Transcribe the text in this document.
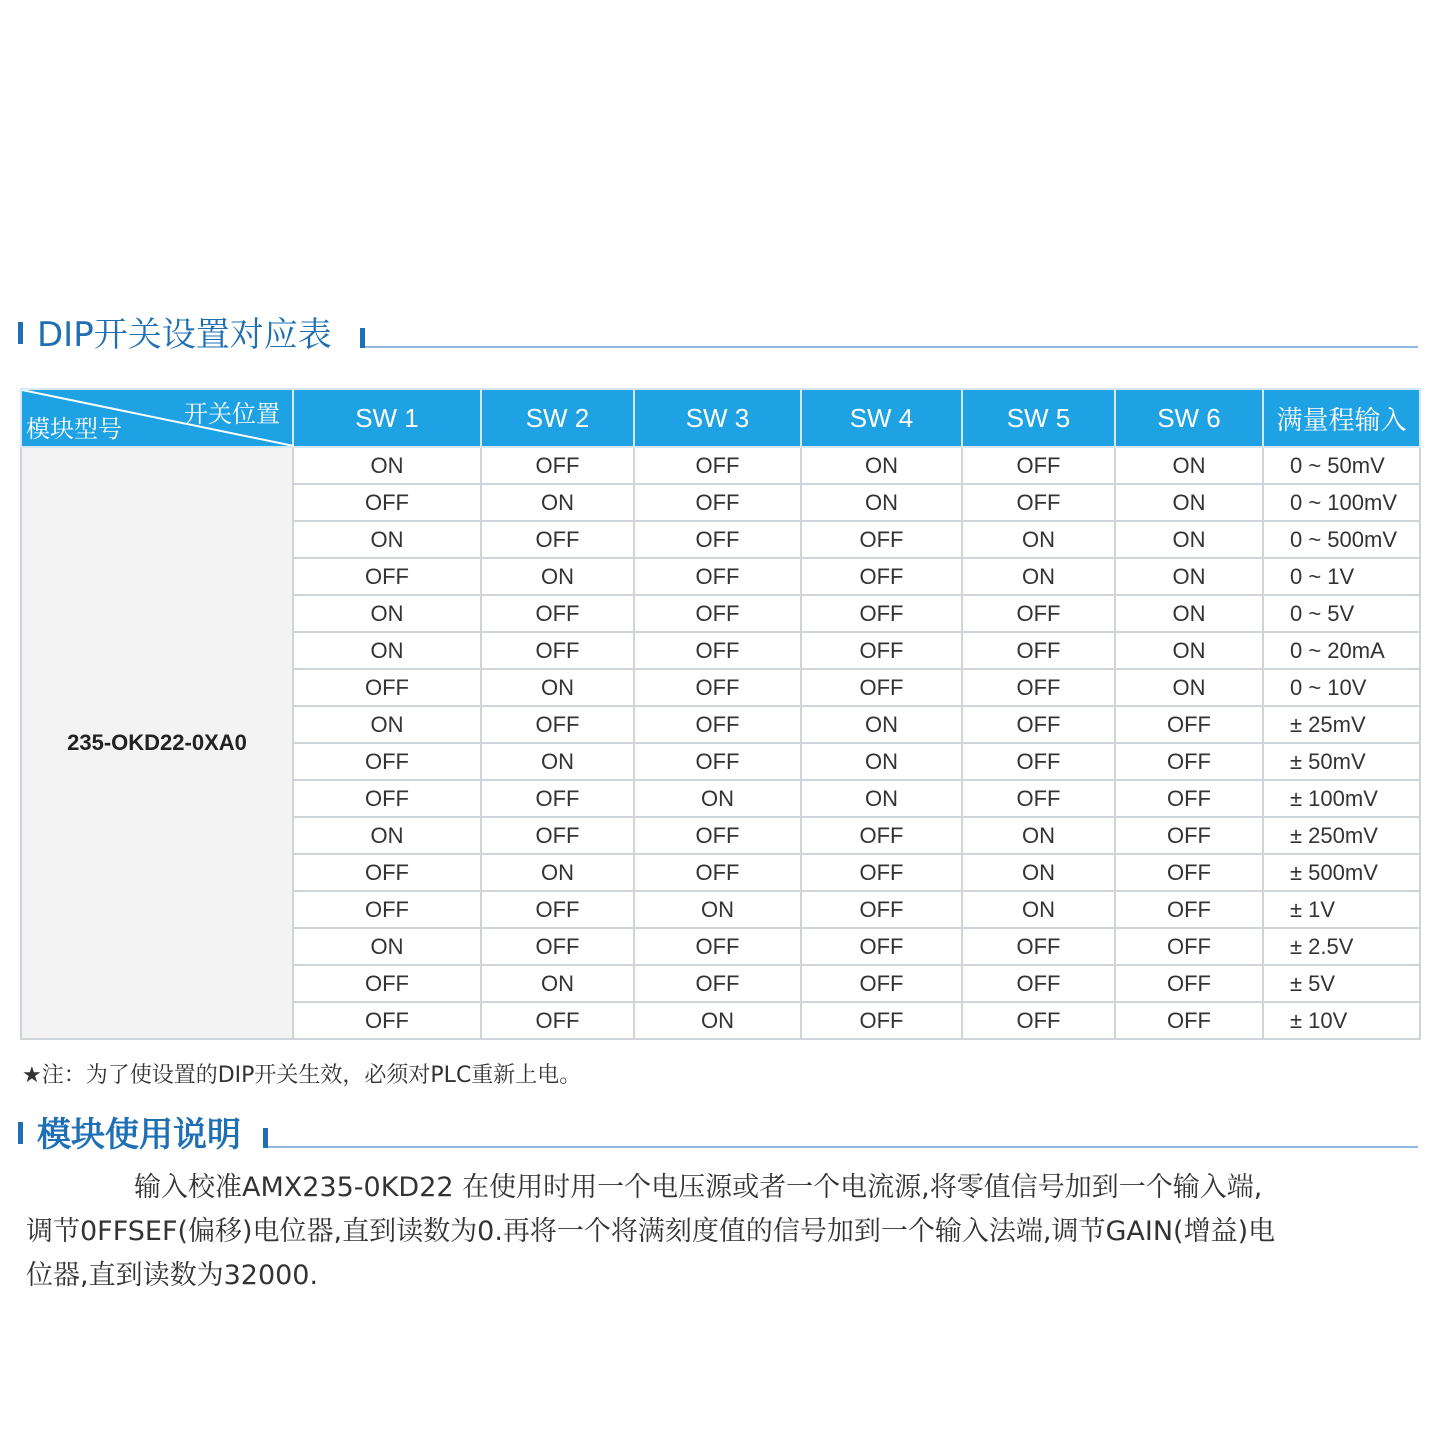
DIP开关设置对应表
开关位置
模块型号	SW 1	SW 2	SW 3	SW 4	SW 5	SW 6	满量程输入
235-OKD22-0XA0	ON	OFF	OFF	ON	OFF	ON	0 ~ 50mV
	OFF	ON	OFF	ON	OFF	ON	0 ~ 100mV
	ON	OFF	OFF	OFF	ON	ON	0 ~ 500mV
	OFF	ON	OFF	OFF	ON	ON	0 ~ 1V
	ON	OFF	OFF	OFF	OFF	ON	0 ~ 5V
	ON	OFF	OFF	OFF	OFF	ON	0 ~ 20mA
	OFF	ON	OFF	OFF	OFF	ON	0 ~ 10V
	ON	OFF	OFF	ON	OFF	OFF	± 25mV
	OFF	ON	OFF	ON	OFF	OFF	± 50mV
	OFF	OFF	ON	ON	OFF	OFF	± 100mV
	ON	OFF	OFF	OFF	ON	OFF	± 250mV
	OFF	ON	OFF	OFF	ON	OFF	± 500mV
	OFF	OFF	ON	OFF	ON	OFF	± 1V
	ON	OFF	OFF	OFF	OFF	OFF	± 2.5V
	OFF	ON	OFF	OFF	OFF	OFF	± 5V
	OFF	OFF	ON	OFF	OFF	OFF	± 10V
★注：为了使设置的DIP开关生效，必须对PLC重新上电。
模块使用说明

输入校准AMX235-0KD22 在使用时用一个电压源或者一个电流源,将零值信号加到一个输入端,

调节0FFSEF(偏移)电位器,直到读数为0.再将一个将满刻度值的信号加到一个输入法端,调节GAIN(增益)电

位器,直到读数为32000.
